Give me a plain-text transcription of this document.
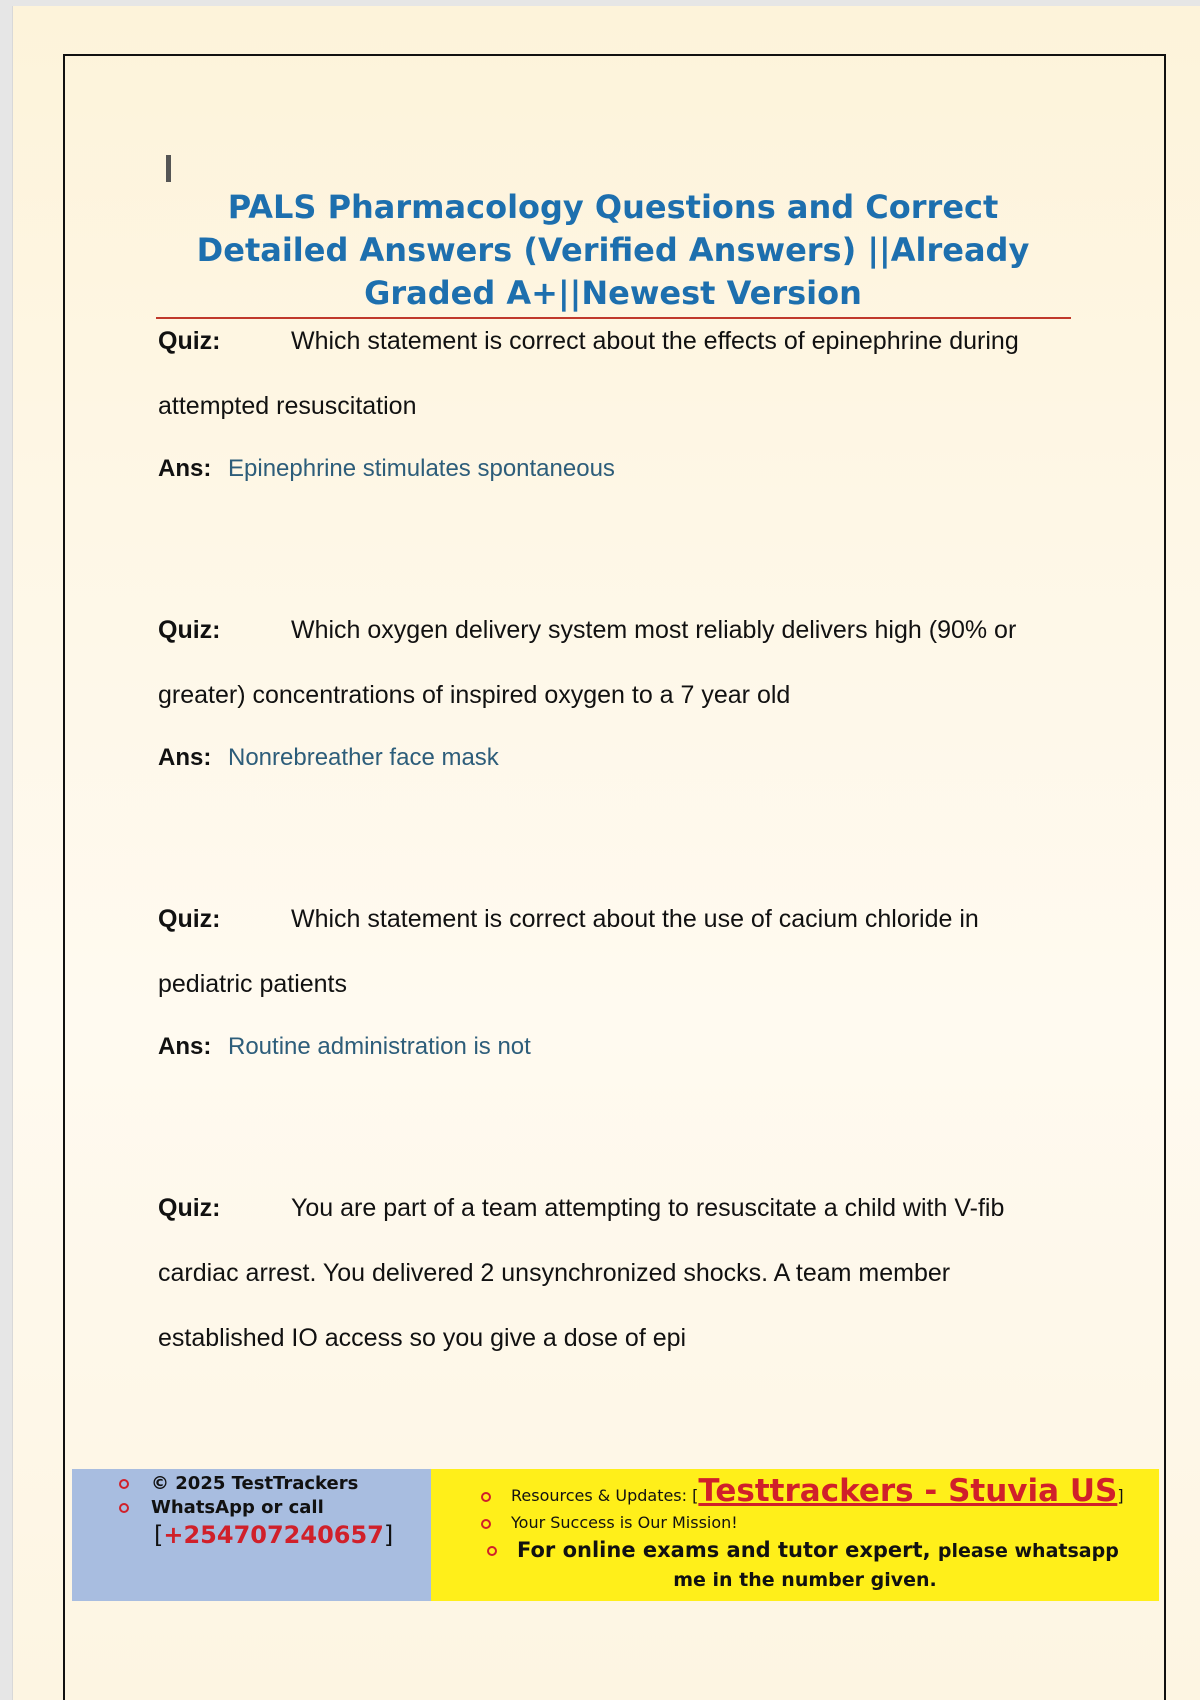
PALS Pharmacology Questions and Correct Detailed Answers (Verified Answers) ||Already Graded A+||Newest Version
Quiz:	Which statement is correct about the effects of epinephrine during
attempted resuscitation
Ans: Epinephrine stimulates spontaneous
Quiz:	Which oxygen delivery system most reliably delivers high (90% or
greater) concentrations of inspired oxygen to a 7 year old
Ans: Nonrebreather face mask
Quiz:	Which statement is correct about the use of cacium chloride in
pediatric patients
Ans: Routine administration is not
Quiz:	You are part of a team attempting to resuscitate a child with V-fib
cardiac arrest. You delivered 2 unsynchronized shocks. A team member
established IO access so you give a dose of epi
© 2025 TestTrackers
WhatsApp or call
[+254707240657]
Resources & Updates: [Testtrackers - Stuvia US]
Your Success is Our Mission!
For online exams and tutor expert, please whatsapp
me in the number given.
